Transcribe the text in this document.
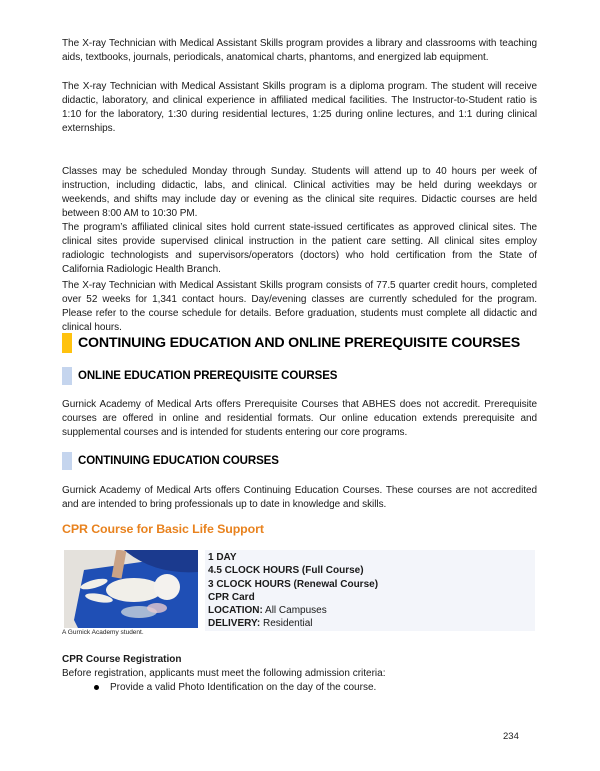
The X-ray Technician with Medical Assistant Skills program provides a library and classrooms with teaching aids, textbooks, journals, periodicals, anatomical charts, phantoms, and energized lab equipment.

The X-ray Technician with Medical Assistant Skills program is a diploma program. The student will receive didactic, laboratory, and clinical experience in affiliated medical facilities. The Instructor-to-Student ratio is 1:10 for the laboratory, 1:30 during residential lectures, 1:25 during online lectures, and 1:1 during clinical externships.

Classes may be scheduled Monday through Sunday. Students will attend up to 40 hours per week of instruction, including didactic, labs, and clinical. Clinical activities may be held during weekdays or weekends, and shifts may include day or evening as the clinical site requires. Didactic courses are held between 8:00 AM to 10:30 PM.

The program’s affiliated clinical sites hold current state-issued certificates as approved clinical sites. The clinical sites provide supervised clinical instruction in the patient care setting. All clinical sites employ radiologic technologists and supervisors/operators (doctors) who hold certification from the State of California Radiologic Health Branch.

The X-ray Technician with Medical Assistant Skills program consists of 77.5 quarter credit hours, completed over 52 weeks for 1,341 contact hours. Day/evening classes are currently scheduled for the program. Please refer to the course schedule for details. Before graduation, students must complete all didactic and clinical hours.

CONTINUING EDUCATION AND ONLINE PREREQUISITE COURSES
ONLINE EDUCATION PREREQUISITE COURSES

Gurnick Academy of Medical Arts offers Prerequisite Courses that ABHES does not accredit. Prerequisite courses are offered in online and residential formats. Our online education extends prerequisite and supplemental courses and is intended for students entering our core programs.

CONTINUING EDUCATION COURSES

Gurnick Academy of Medical Arts offers Continuing Education Courses. These courses are not accredited and are intended to bring professionals up to date in knowledge and skills.

CPR Course for Basic Life Support
A Gurnick Academy student.
1 DAY
4.5 CLOCK HOURS (Full Course)
3 CLOCK HOURS (Renewal Course)
CPR Card
LOCATION: All Campuses
DELIVERY: Residential
CPR Course Registration
Before registration, applicants must meet the following admission criteria:
Provide a valid Photo Identification on the day of the course.
234
